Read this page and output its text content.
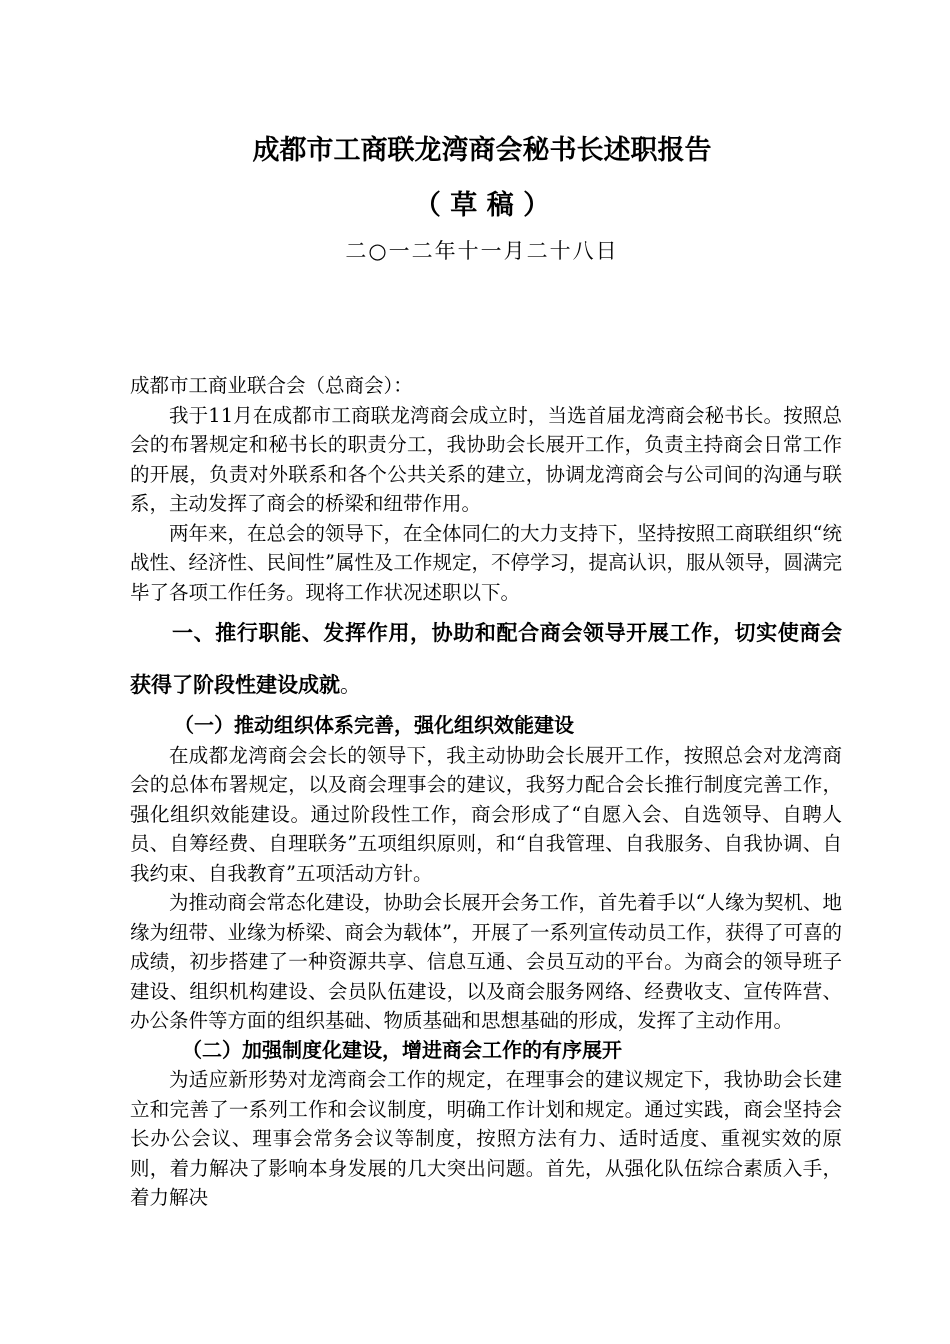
成都市工商联龙湾商会秘书长述职报告
（ 草 稿 ）
二○一二年十一月二十八日

成都市工商业联合会（总商会）：

我于11月在成都市工商联龙湾商会成立时，当选首届龙湾商会秘书长。按照总会的布署规定和秘书长的职责分工，我协助会长展开工作，负责主持商会日常工作的开展，负责对外联系和各个公共关系的建立，协调龙湾商会与公司间的沟通与联系，主动发挥了商会的桥梁和纽带作用。

两年来，在总会的领导下，在全体同仁的大力支持下，坚持按照工商联组织“统战性、经济性、民间性”属性及工作规定，不停学习，提高认识，服从领导，圆满完毕了各项工作任务。现将工作状况述职以下。

一、推行职能、发挥作用，协助和配合商会领导开展工作，切实使商会获得了阶段性建设成就。

（一）推动组织体系完善，强化组织效能建设

在成都龙湾商会会长的领导下，我主动协助会长展开工作，按照总会对龙湾商会的总体布署规定，以及商会理事会的建议，我努力配合会长推行制度完善工作，强化组织效能建设。通过阶段性工作，商会形成了“自愿入会、自选领导、自聘人员、自筹经费、自理联务”五项组织原则，和“自我管理、自我服务、自我协调、自我约束、自我教育”五项活动方针。

为推动商会常态化建设，协助会长展开会务工作，首先着手以“人缘为契机、地缘为纽带、业缘为桥梁、商会为载体”，开展了一系列宣传动员工作，获得了可喜的成绩，初步搭建了一种资源共享、信息互通、会员互动的平台。为商会的领导班子建设、组织机构建设、会员队伍建设，以及商会服务网络、经费收支、宣传阵营、办公条件等方面的组织基础、物质基础和思想基础的形成，发挥了主动作用。

（二）加强制度化建设，增进商会工作的有序展开

为适应新形势对龙湾商会工作的规定，在理事会的建议规定下，我协助会长建立和完善了一系列工作和会议制度，明确工作计划和规定。通过实践，商会坚持会长办公会议、理事会常务会议等制度，按照方法有力、适时适度、重视实效的原则，着力解决了影响本身发展的几大突出问题。首先，从强化队伍综合素质入手，着力解决
